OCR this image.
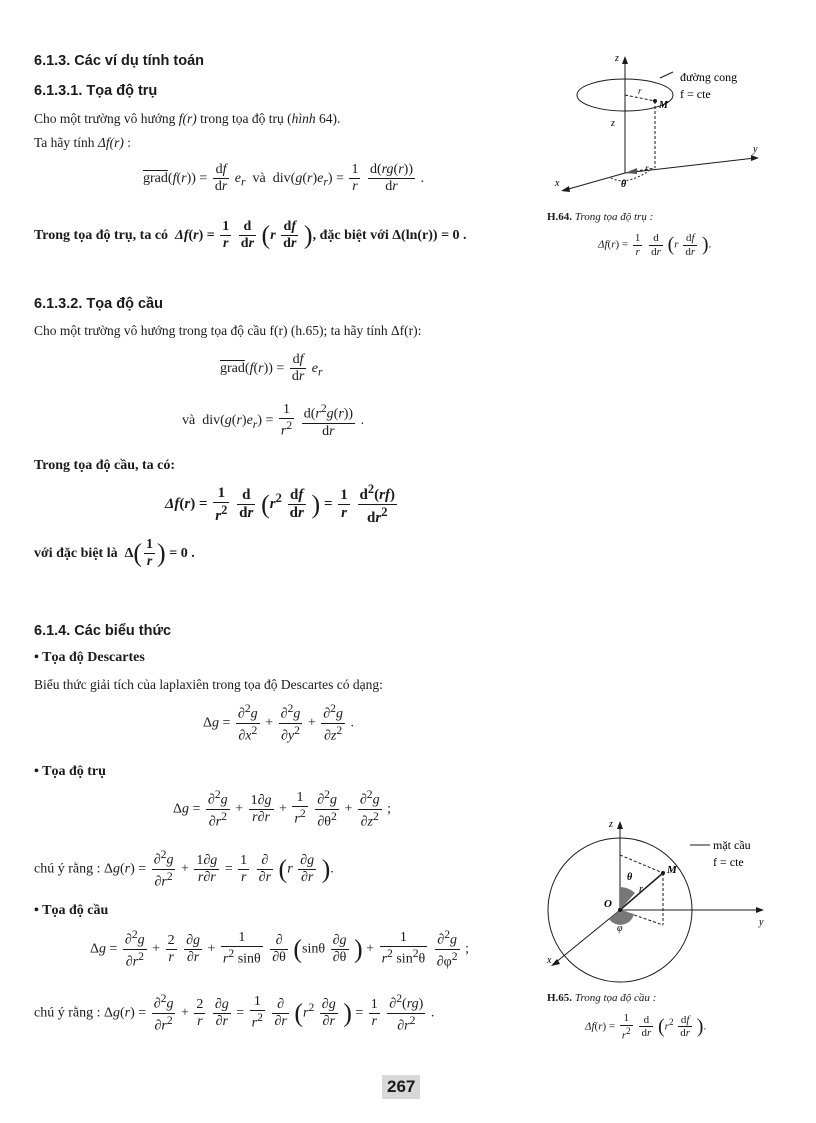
6.1.3. Các ví dụ tính toán
6.1.3.1. Tọa độ trụ
Cho một trường vô hướng f(r) trong tọa độ trụ (hình 64).
Ta hãy tính Δf(r) :
grad(f(r)) = $\frac{df}{dr} e_r$ và  $div(g(r)e_r) = \frac{1}{r}$
$\frac{d(rg(r))}{dr}$ .
Trong tọa độ trụ, ta có $\Delta f(r) = \frac{1}{r}$
$\frac{d}{dr} (r \frac{df}{dr}$ ), đặc biệt với Δ(ln(r)) = 0 .
z
z
x
y
r
r
M
θ
đường cong
f = cte
H.64. Trong tọa độ trụ :
$\Delta f(r) = \frac{1}{r}$
$\frac{d}{dr} (r \frac{df}{dr}$ ).
6.1.3.2. Tọa độ cầu
Cho một trường vô hướng trong tọa độ cầu f(r) (h.65); ta hãy tính Δf(r):
grad(f(r)) = $\frac{df}{dr} e_r$
và  $div(g(r)e_r) = \frac{1}{r^2}$
$\frac{d(r^2g(r))}{dr}$ .
Trong tọa độ cầu, ta có:
$\Delta f(r) = \frac{1}{r^2}$
$\frac{d}{dr} (r^2 \frac{df}{dr}$ ) = $\frac{1}{r}$
$\frac{d^2(rf)}{dr^2}$
với đặc biệt là  $\Delta( \frac{1}{r}$ ) = 0 .
6.1.4. Các biểu thức
• Tọa độ Descartes
Biểu thức giải tích của laplaxiên trong tọa độ Descartes có dạng:
$\Delta g = \frac{\partial^2g}{\partial x^2} + \frac{\partial^2g}{\partial y^2} + \frac{\partial^2g}{\partial z^2}$ .
• Tọa độ trụ
$\Delta g = \frac{\partial^2g}{\partial r^2} + \frac{1\partial g}{r\partial r} + \frac{1}{r^2}$
$\frac{\partial^2g}{\partial\theta^2} + \frac{\partial^2g}{\partial z^2}$ ;
chú ý rằng : $\Delta g(r) = \frac{\partial^2g}{\partial r^2} + \frac{1\partial g}{r\partial r} = \frac{1}{r}$
$\frac{\partial}{\partial r} (r \frac{\partial g}{\partial r}$ ).
• Tọa độ cầu
$\Delta g = \frac{\partial^2g}{\partial r^2} + \frac{2}{r}$
$\frac{\partial g}{\partial r} + \frac{1}{r^2 \sin\theta}$
$\frac{\partial}{\partial\theta} (\sin\theta \frac{\partial g}{\partial\theta}$ ) + $\frac{1}{r^2 \sin^2\theta}$
$\frac{\partial^2g}{\partial\varphi^2}$ ;
chú ý rằng : $\Delta g(r) = \frac{\partial^2g}{\partial r^2} + \frac{2}{r}$
$\frac{\partial g}{\partial r} = \frac{1}{r^2}$
$\frac{\partial}{\partial r} (r^2 \frac{\partial g}{\partial r}$ ) = $\frac{1}{r}$
$\frac{\partial^2(rg)}{\partial r^2}$ .
z
y
x
O
M
r
θ
φ
mặt cầu
f = cte
H.65. Trong tọa độ cầu :
$\Delta f(r) = \frac{1}{r^2}$
$\frac{d}{dr} (r^2 \frac{df}{dr}$ ).
267
